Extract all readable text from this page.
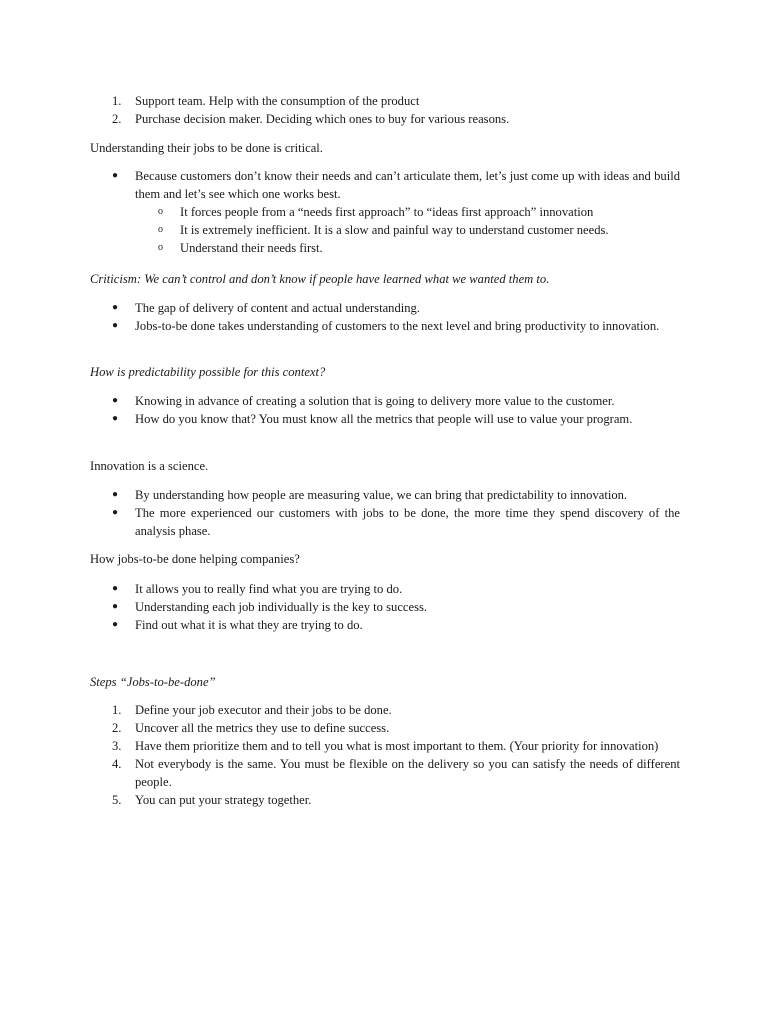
1. Support team. Help with the consumption of the product
2. Purchase decision maker. Deciding which ones to buy for various reasons.

Understanding their jobs to be done is critical.

● Because customers don’t know their needs and can’t articulate them, let’s just come up with ideas and build them and let’s see which one works best.
o It forces people from a “needs first approach” to “ideas first approach” innovation
o It is extremely inefficient. It is a slow and painful way to understand customer needs.
o Understand their needs first.

Criticism: We can’t control and don’t know if people have learned what we wanted them to.

● The gap of delivery of content and actual understanding.
● Jobs-to-be done takes understanding of customers to the next level and bring productivity to innovation.

How is predictability possible for this context?

● Knowing in advance of creating a solution that is going to delivery more value to the customer.
● How do you know that? You must know all the metrics that people will use to value your program.

Innovation is a science.

● By understanding how people are measuring value, we can bring that predictability to innovation.
● The more experienced our customers with jobs to be done, the more time they spend discovery of the analysis phase.

How jobs-to-be done helping companies?

● It allows you to really find what you are trying to do.
● Understanding each job individually is the key to success.
● Find out what it is what they are trying to do.

Steps “Jobs-to-be-done”

1. Define your job executor and their jobs to be done.
2. Uncover all the metrics they use to define success.
3. Have them prioritize them and to tell you what is most important to them. (Your priority for innovation)
4. Not everybody is the same. You must be flexible on the delivery so you can satisfy the needs of different people.
5. You can put your strategy together.
